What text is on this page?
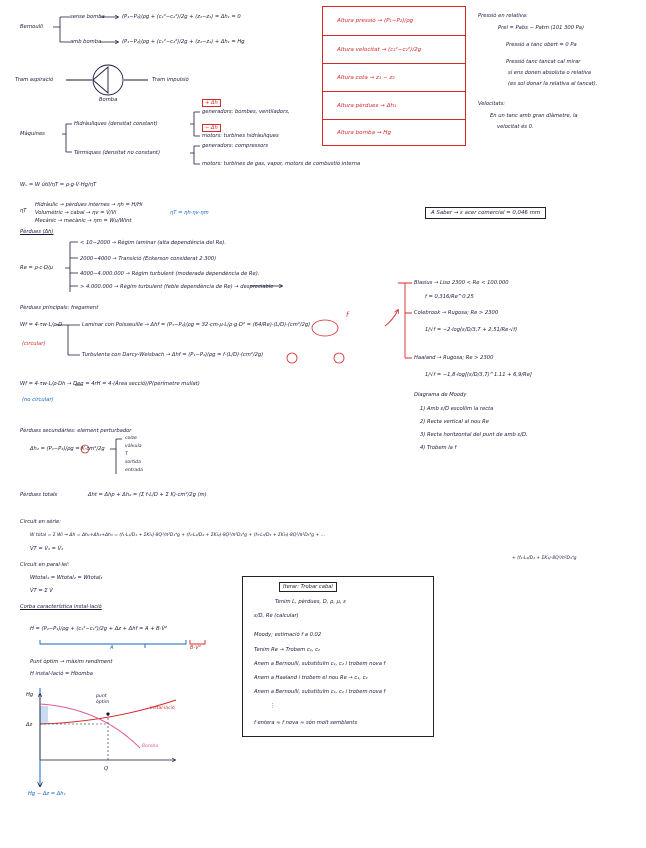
Bernoulli
sense bomba	(P₁−P₂)/ρg + (c₁²−c₂²)/2g + (z₁−z₂) = Δh₁ = 0
amb bomba	(P₁−P₂)/ρg + (c₁²−c₂²)/2g + (z₁−z₂) + Δh₁ = Hg
Tram aspiració	Tram impulsió
Bomba
Màquines
Hidràuliques (densitat constant)
Tèrmiques (densitat no constant)
+ Δh
− Δh
generadors: bombes, ventiladors,
motors: turbines hidràuliques
generadors: compressors
motors: turbines de gas, vapor, motors de combustió interna
Wᵤ = W útil/ηT = ρ·g·V̇·Hg/ηT
Hidràulic → pèrdues internes → ηh = H/Hi
Volumètric → cabal → ηv = V̇/Vi
Mecànic → mecànic → ηm = Wu/Wint
ηT = ηh·ηv·ηm
ηT
Altura pressió → (P₁−P₂)/ρg
Altura velocitat → (c₁²−c₂²)/2g
Altura cota → z₁ − z₂
Altura pèrdues → Δh₁
Altura bomba → Hg
Pressió en relativa:
Prel = Pabs − Patm (101 300 Pa)
Pressió a tanc obert = 0 Pa
Pressió tanc tancat cal mirar
si ens donen absoluta o relativa
(es sol donar la relativa al tancat).
Velocitats:
En un tanc amb gran diàmetre, la
velocitat és 0.
A Saber → ε acer comercial = 0,046 mm
Pèrdues (Δh)
Re = ρ·c·D/μ
< 10−2000 → Règim laminar (alta dependència del Re).
2000−4000 → Transició (Eckerson considerat 2.300)
4000−4.000.000 → Règim turbulent (moderada dependència de Re).
> 4.000.000 → Règim turbulent (feble dependència de Re) → despreciable
Pèrdues principals: fregament
Wf = 4·τw·L/ρ·D
(circular)
Laminar con Poisseuille → Δhf = (P₁−P₂)/ρg = 32·cm·μ·L/ρ·g·D² = (64/Re)·(L/D)·(cm²/2g)
Turbulenta con Darcy-Weisbach → Δhf = (P₁−P₂)/ρg = f·(L/D)·(cm²/2g)
f
Wf = 4·τw·L/ρ·Dh → Deq = 4rH = 4·(Àrea secció)/P(perímetre mullat)
(no circular)
Blasius → Liso 2300 < Re < 100.000
f = 0,316/Re^0.25
Colebrook → Rugosa; Re > 2300
1/√f = −2·log(ε/D/3,7 + 2,51/Re·√f)
Haaland → Rugosa; Re > 2300
1/√f = −1,8·log[(ε/D/3,7)^1.11 + 6,9/Re]
Diagrama de Moody
1) Amb ε/D escollim la recta
2) Recta vertical al nou Re
3) Recta horitzontal del punt de amb ε/D.
4) Trobem la f
Pèrdues secundàries: element perturbador
Δh₂ = (P₁−P₂)/ρg = K·cm²/2g
colze
vàlvula
T
sortida
entrada
Pèrdues totals	Δht = Δhp + Δh₂ = (Σ f·L/D + Σ K)·cm²/2g (m)
Circuit en sèrie:
W total = Σ Wi ⇒ Δh = Δh₁+Δh₂+Δh₃ = (f₁·L₁/D₁ + ΣKi₁)·8Q²/π²D₁⁴g + (f₂·L₂/D₂ + ΣKi₂)·8Q²/π²D₂⁴g + (f₃·L₃/D₃ + ΣKi₃)·8Q²/π²D₃⁴g + …
+ (f₄·L₄/D₄ + ΣK₄)·8Q²/π²D₄⁴g
V̇T = V̇₁ = V̇₂
Circuit en paral·lel:
Wtotal₁ = Wtotal₂ = Wtotal₃
V̇T = Σ V̇
Corba característica instal·lació
H = (P₂−P₁)/ρg + (c₂²−c₁²)/2g + Δz + Δhf = A + B·V̇²
A	B·V̇²
Punt òptim → màxim rendiment
H instal·lació = Hbomba
Hg
Δz
punt òptim
Instal·lació
Bomba
Q
Hg − Δz = Δh₁
Iterar: Trobar cabal
Tenim L, pèrdues, D, ρ, μ, ε
ε/D, Re (calcular)
Moody; estimació f a 0.02
Tenim Re → Trobem c₁, c₂
Anem a Bernoulli, substituïm c₁, c₂ i trobem nova f
Anem a Haaland i trobem el nou Re → c₁, c₂
Anem a Bernoulli, substituïm c₁, c₂ i trobem nova f
⋮
f entera ≈ f nova ≈ són molt semblants
